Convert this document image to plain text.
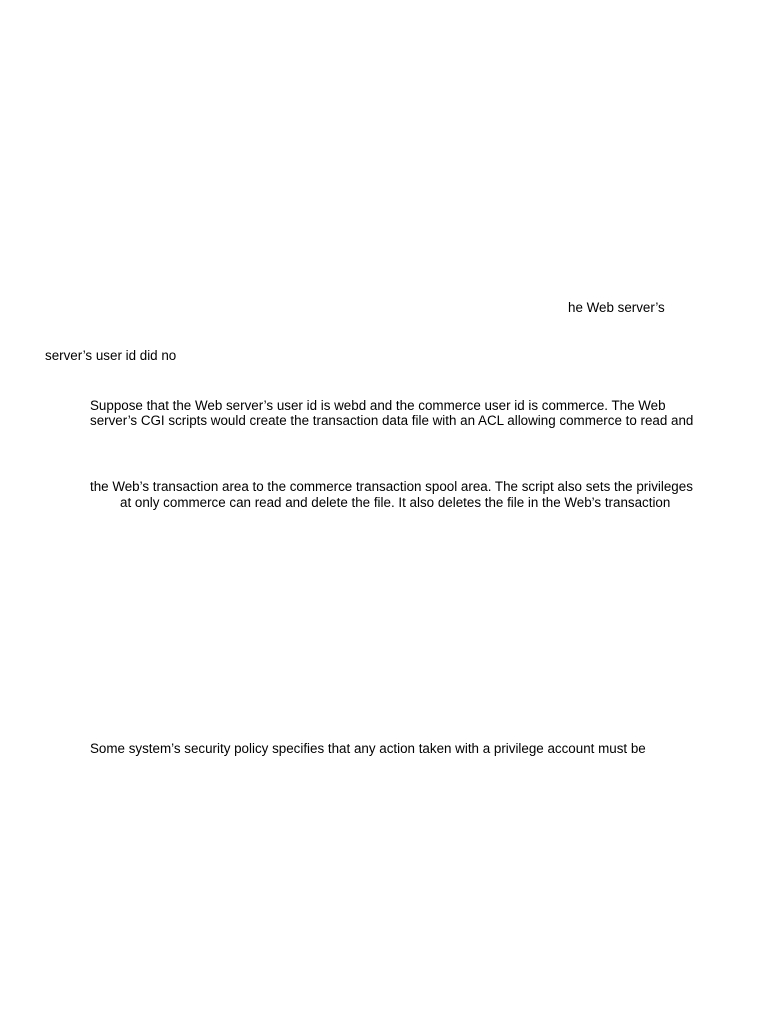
he Web server’s
server’s user id did no
Suppose that the Web server’s user id is webd and the commerce user id is commerce. The Web
server’s CGI scripts would create the transaction data file with an ACL allowing commerce to read and
the Web’s transaction area to the commerce transaction spool area. The script also sets the privileges
at only commerce can read and delete the file. It also deletes the file in the Web’s transaction
Some system’s security policy specifies that any action taken with a privilege account must be
